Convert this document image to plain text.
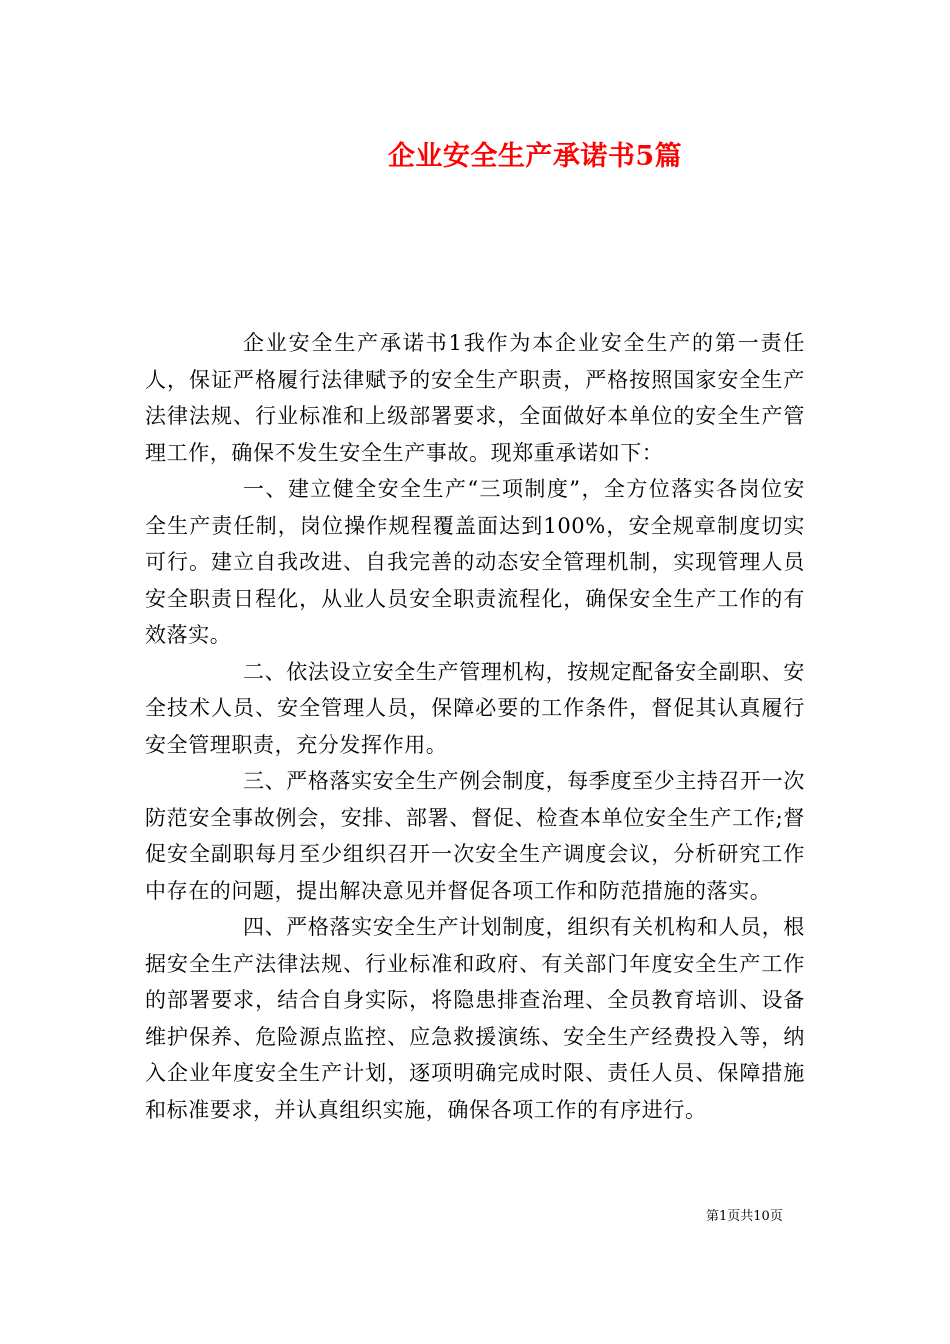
企业安全生产承诺书5篇

企业安全生产承诺书1我作为本企业安全生产的第一责任人，保证严格履行法律赋予的安全生产职责，严格按照国家安全生产法律法规、行业标准和上级部署要求，全面做好本单位的安全生产管理工作，确保不发生安全生产事故。现郑重承诺如下：

一、建立健全安全生产“三项制度”，全方位落实各岗位安全生产责任制，岗位操作规程覆盖面达到100%，安全规章制度切实可行。建立自我改进、自我完善的动态安全管理机制，实现管理人员安全职责日程化，从业人员安全职责流程化，确保安全生产工作的有效落实。

二、依法设立安全生产管理机构，按规定配备安全副职、安全技术人员、安全管理人员，保障必要的工作条件，督促其认真履行安全管理职责，充分发挥作用。

三、严格落实安全生产例会制度，每季度至少主持召开一次防范安全事故例会，安排、部署、督促、检查本单位安全生产工作;督促安全副职每月至少组织召开一次安全生产调度会议，分析研究工作中存在的问题，提出解决意见并督促各项工作和防范措施的落实。

四、严格落实安全生产计划制度，组织有关机构和人员，根据安全生产法律法规、行业标准和政府、有关部门年度安全生产工作的部署要求，结合自身实际，将隐患排查治理、全员教育培训、设备维护保养、危险源点监控、应急救援演练、安全生产经费投入等，纳入企业年度安全生产计划，逐项明确完成时限、责任人员、保障措施和标准要求，并认真组织实施，确保各项工作的有序进行。

第1页共10页
